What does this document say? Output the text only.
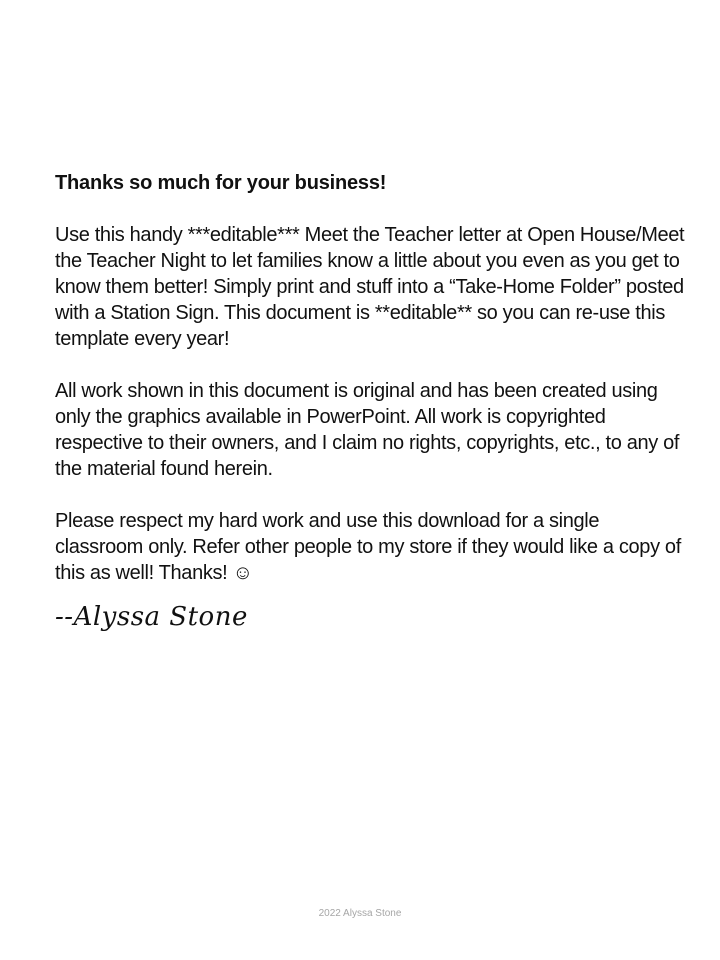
Thanks so much for your business!

Use this handy ***editable*** Meet the Teacher letter at Open House/Meet the Teacher Night to let families know a little about you even as you get to know them better! Simply print and stuff into a “Take-Home Folder” posted with a Station Sign. This document is **editable** so you can re-use this template every year!

All work shown in this document is original and has been created using only the graphics available in PowerPoint. All work is copyrighted respective to their owners, and I claim no rights, copyrights, etc., to any of the material found herein.

Please respect my hard work and use this download for a single classroom only. Refer other people to my store if they would like a copy of this as well! Thanks! ☺

--Alyssa Stone
2022 Alyssa Stone
